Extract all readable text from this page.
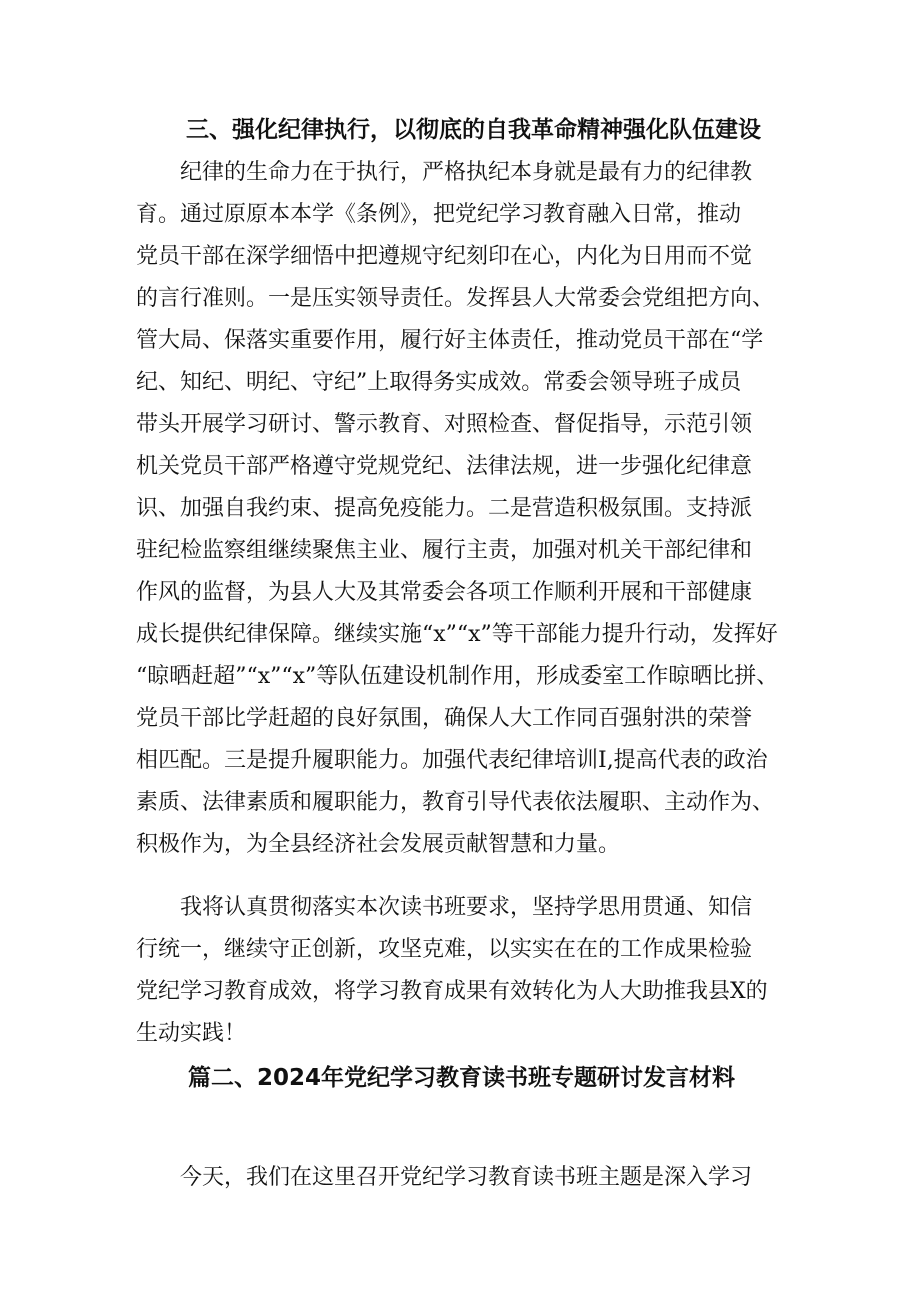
三、强化纪律执行，以彻底的自我革命精神强化队伍建设
纪律的生命力在于执行，严格执纪本身就是最有力的纪律教
育。通过原原本本学《条例》，把党纪学习教育融入日常，推动
党员干部在深学细悟中把遵规守纪刻印在心，内化为日用而不觉
的言行准则。一是压实领导责任。发挥县人大常委会党组把方向、
管大局、保落实重要作用，履行好主体责任，推动党员干部在“学
纪、知纪、明纪、守纪”上取得务实成效。常委会领导班子成员
带头开展学习研讨、警示教育、对照检查、督促指导，示范引领
机关党员干部严格遵守党规党纪、法律法规，进一步强化纪律意
识、加强自我约束、提高免疫能力。二是营造积极氛围。支持派
驻纪检监察组继续聚焦主业、履行主责，加强对机关干部纪律和
作风的监督，为县人大及其常委会各项工作顺利开展和干部健康
成长提供纪律保障。继续实施“x”“x”等干部能力提升行动，发挥好
“晾晒赶超”“x”“x”等队伍建设机制作用，形成委室工作晾晒比拼、
党员干部比学赶超的良好氛围，确保人大工作同百强射洪的荣誉
相匹配。三是提升履职能力。加强代表纪律培训I,提高代表的政治
素质、法律素质和履职能力，教育引导代表依法履职、主动作为、
积极作为，为全县经济社会发展贡献智慧和力量。
我将认真贯彻落实本次读书班要求，坚持学思用贯通、知信
行统一，继续守正创新，攻坚克难，以实实在在的工作成果检验
党纪学习教育成效，将学习教育成果有效转化为人大助推我县X的
生动实践！
篇二、2024年党纪学习教育读书班专题研讨发言材料
今天，我们在这里召开党纪学习教育读书班主题是深入学习
